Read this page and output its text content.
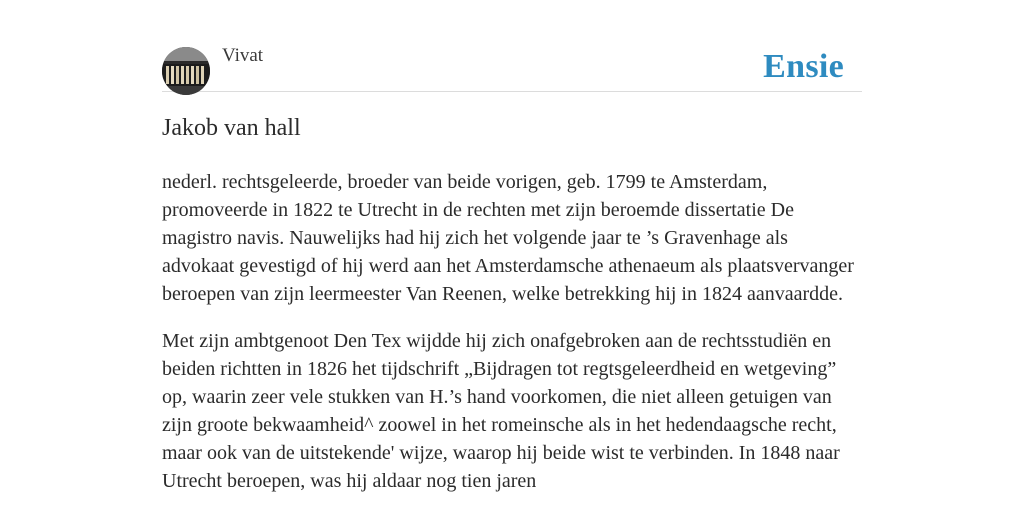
Vivat	Ensie
Jakob van hall

nederl. rechtsgeleerde, broeder van beide vorigen, geb. 1799 te Amsterdam, promoveerde in 1822 te Utrecht in de rechten met zijn beroemde dissertatie De magistro navis. Nauwelijks had hij zich het volgende jaar te ’s Gravenhage als advokaat gevestigd of hij werd aan het Amsterdamsche athenaeum als plaatsvervanger beroepen van zijn leermeester Van Reenen, welke betrekking hij in 1824 aanvaardde.

Met zijn ambtgenoot Den Tex wijdde hij zich onafgebroken aan de rechtsstudiën en beiden richtten in 1826 het tijdschrift „Bijdragen tot regtsgeleerdheid en wetgeving” op, waarin zeer vele stukken van H.’s hand voorkomen, die niet alleen getuigen van zijn groote bekwaamheid^ zoowel in het romeinsche als in het hedendaagsche recht, maar ook van de uitstekende' wijze, waarop hij beide wist te verbinden. In 1848 naar Utrecht beroepen, was hij aldaar nog tien jaren
